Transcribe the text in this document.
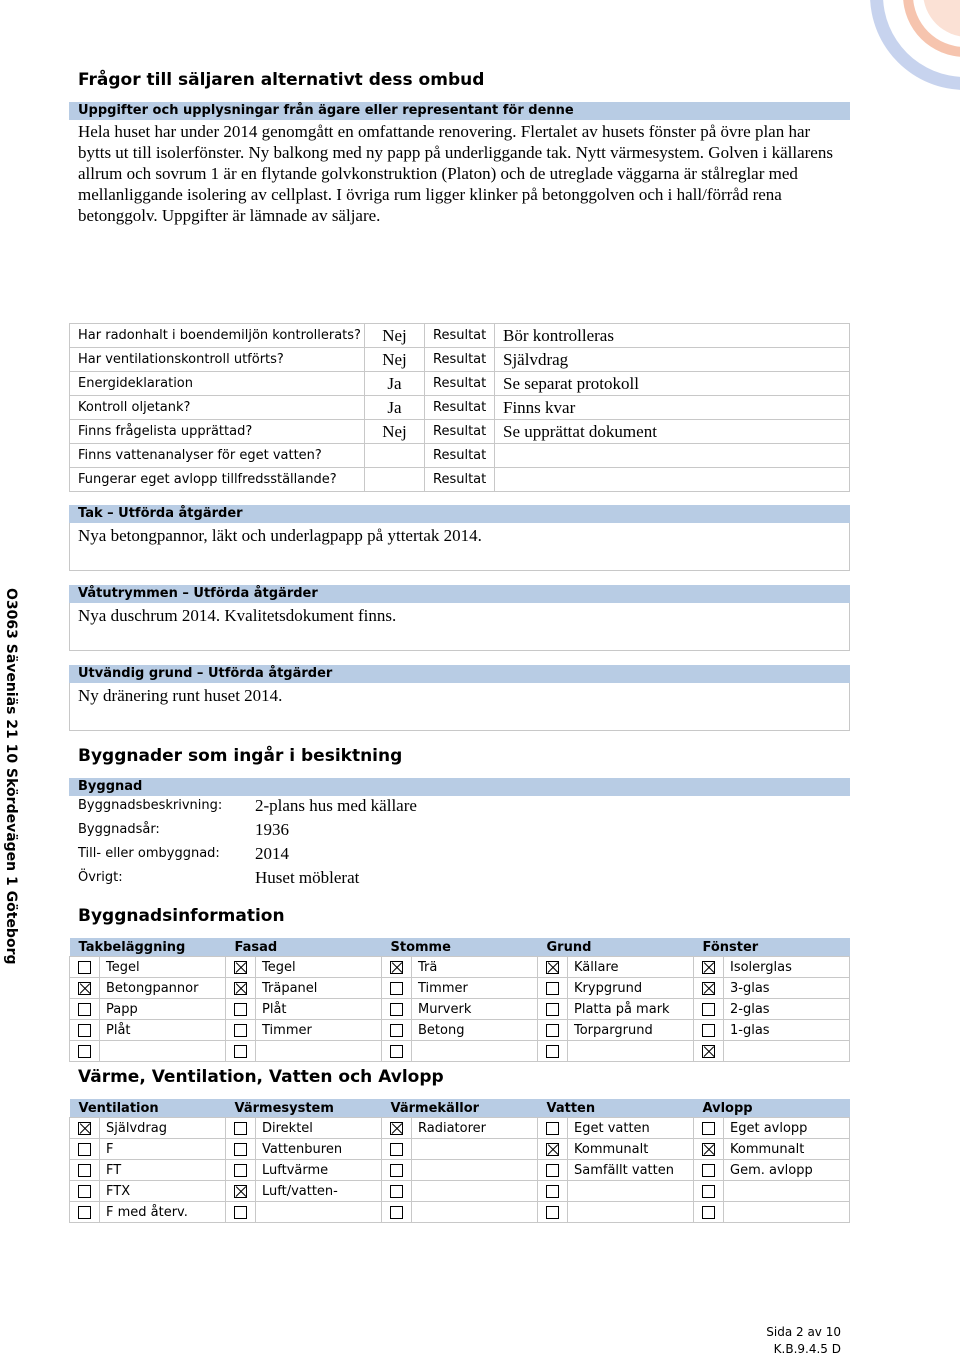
O3063 Säveniäs 21 10 Skördevägen 1 Göteborg
Frågor till säljaren alternativt dess ombud
Uppgifter och upplysningar från ägare eller representant för denne
Hela huset har under 2014 genomgått en omfattande renovering. Flertalet av husets fönster på övre plan har bytts ut till isolerfönster. Ny balkong med ny papp på underliggande tak. Nytt värmesystem. Golven i källarens allrum och sovrum 1 är en flytande golvkonstruktion (Platon) och de utreglade väggarna är stålreglar med mellanliggande isolering av cellplast. I övriga rum ligger klinker på betonggolven och i hall/förråd rena betonggolv. Uppgifter är lämnade av säljare.
Har radonhalt i boendemiljön kontrollerats?	Nej	Resultat	Bör kontrolleras
Har ventilationskontroll utförts?	Nej	Resultat	Självdrag
Energideklaration	Ja	Resultat	Se separat protokoll
Kontroll oljetank?	Ja	Resultat	Finns kvar
Finns frågelista upprättad?	Nej	Resultat	Se upprättat dokument
Finns vattenanalyser för eget vatten?		Resultat	
Fungerar eget avlopp tillfredsställande?		Resultat	
Tak – Utförda åtgärder
Nya betongpannor, läkt och underlagpapp på yttertak 2014.
Våtutrymmen – Utförda åtgärder
Nya duschrum 2014. Kvalitetsdokument finns.
Utvändig grund – Utförda åtgärder
Ny dränering runt huset 2014.
Byggnader som ingår i besiktning
Byggnad
Byggnadsbeskrivning: 2-plans hus med källare
Byggnadsår:	1936
Till- eller ombyggnad: 2014
Övrigt:	Huset möblerat
Byggnadsinformation
Takbeläggning		Fasad		Stomme		Grund		Fönster	
	Tegel		Tegel		Trä		Källare		Isolerglas
	Betongpannor		Träpanel		Timmer		Krypgrund		3-glas
	Papp		Plåt		Murverk		Platta på mark		2-glas
	Plåt		Timmer		Betong		Torpargrund		1-glas

Värme, Ventilation, Vatten och Avlopp
Ventilation		Värmesystem		Värmekällor		Vatten		Avlopp	
	Självdrag		Direktel		Radiatorer		Eget vatten		Eget avlopp
	F		Vattenburen				Kommunalt		Kommunalt
	FT		Luftvärme				Samfällt vatten		Gem. avlopp
	FTX		Luft/vatten-						
	F med återv.								
Sida 2 av 10
K.B.9.4.5 D
